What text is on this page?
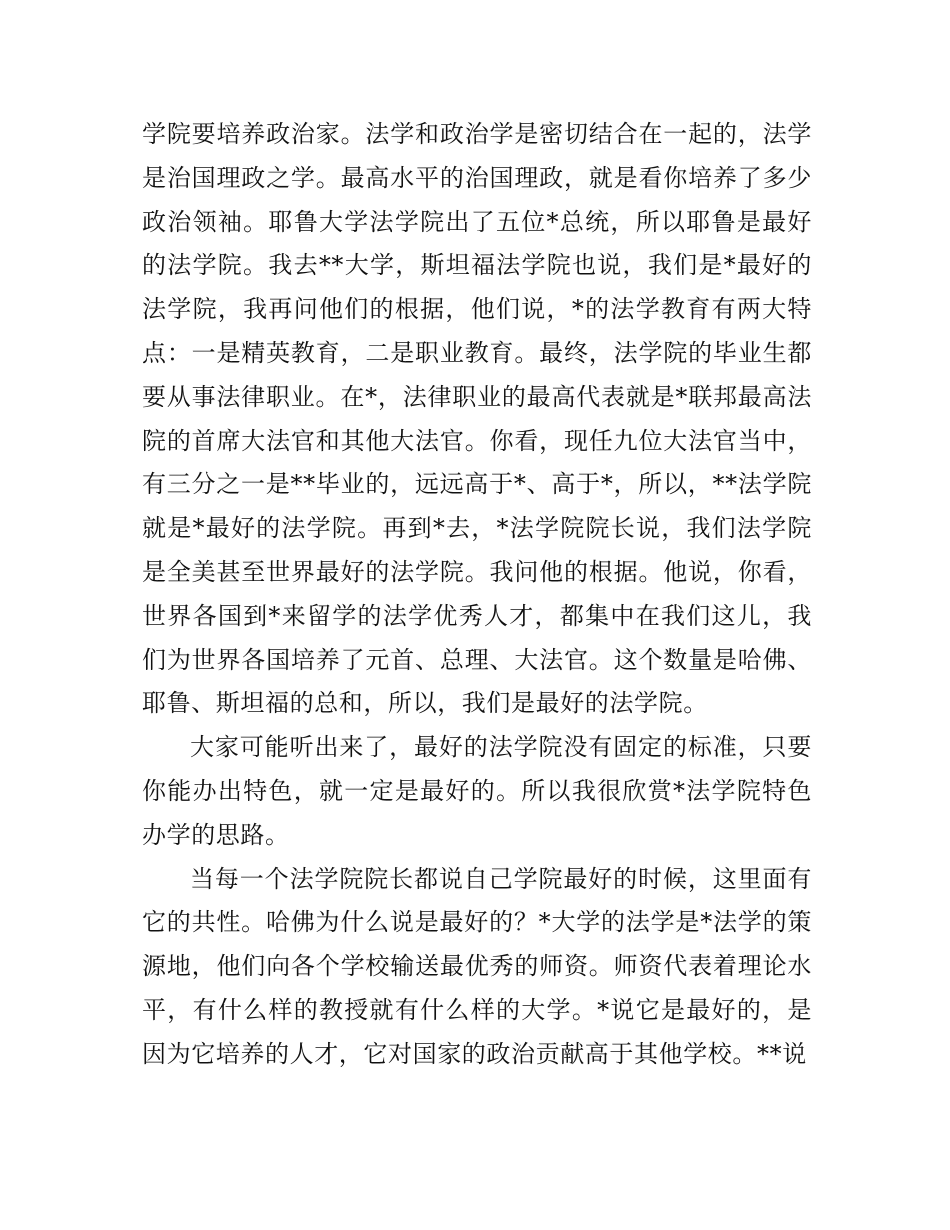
学院要培养政治家。法学和政治学是密切结合在一起的，法学是治国理政之学。最高水平的治国理政，就是看你培养了多少政治领袖。耶鲁大学法学院出了五位*总统，所以耶鲁是最好的法学院。我去**大学，斯坦福法学院也说，我们是*最好的法学院，我再问他们的根据，他们说，*的法学教育有两大特点：一是精英教育，二是职业教育。最终，法学院的毕业生都要从事法律职业。在*，法律职业的最高代表就是*联邦最高法院的首席大法官和其他大法官。你看，现任九位大法官当中，有三分之一是**毕业的，远远高于*、高于*，所以，**法学院就是*最好的法学院。再到*去，*法学院院长说，我们法学院是全美甚至世界最好的法学院。我问他的根据。他说，你看，世界各国到*来留学的法学优秀人才，都集中在我们这儿，我们为世界各国培养了元首、总理、大法官。这个数量是哈佛、耶鲁、斯坦福的总和，所以，我们是最好的法学院。

大家可能听出来了，最好的法学院没有固定的标准，只要你能办出特色，就一定是最好的。所以我很欣赏*法学院特色办学的思路。

当每一个法学院院长都说自己学院最好的时候，这里面有它的共性。哈佛为什么说是最好的？*大学的法学是*法学的策源地，他们向各个学校输送最优秀的师资。师资代表着理论水平，有什么样的教授就有什么样的大学。*说它是最好的，是因为它培养的人才，它对国家的政治贡献高于其他学校。**说
